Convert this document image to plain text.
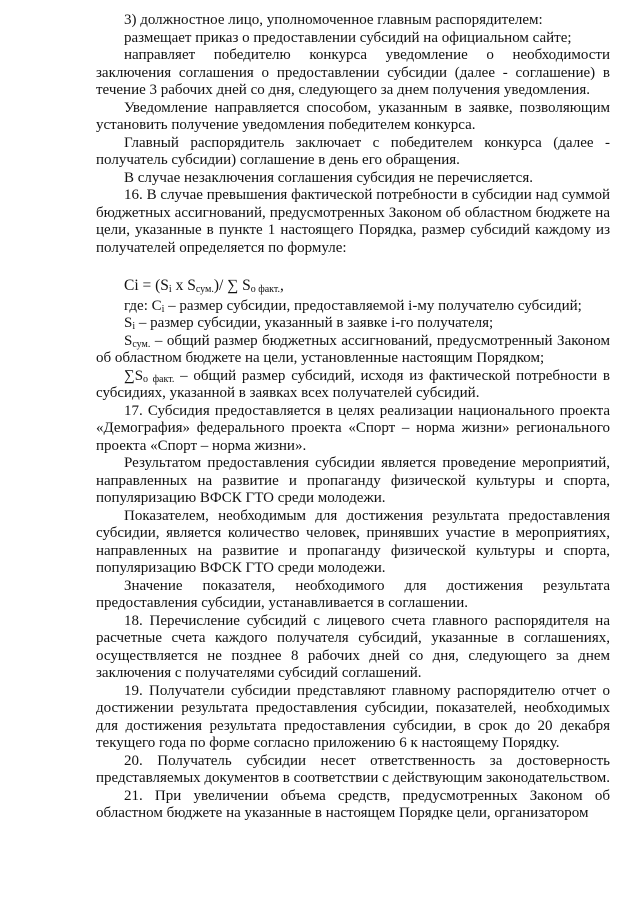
3) должностное лицо, уполномоченное главным распорядителем:

размещает приказ о предоставлении субсидий на официальном сайте;

направляет победителю конкурса уведомление о необходимости заключения соглашения о предоставлении субсидии (далее - соглашение) в течение 3 рабочих дней со дня, следующего за днем получения уведомления.

Уведомление направляется способом, указанным в заявке, позволяющим установить получение уведомления победителем конкурса.

Главный распорядитель заключает с победителем конкурса (далее - получатель субсидии) соглашение в день его обращения.

В случае незаключения соглашения субсидия не перечисляется.

16. В случае превышения фактической потребности в субсидии над суммой бюджетных ассигнований, предусмотренных Законом об областном бюджете на цели, указанные в пункте 1 настоящего Порядка, размер субсидий каждому из получателей определяется по формуле:

$Ci = (S_i$ x $S_{сум.})/$ ∑ $S_{o факт.}$,

где: $C_i$ – размер субсидии, предоставляемой i-му получателю субсидий;

$S_i$ – размер субсидии, указанный в заявке i-го получателя;

$S_{сум.}$ – общий размер бюджетных ассигнований, предусмотренный Законом об областном бюджете на цели, установленные настоящим Порядком;

$\sum S_{o факт.}$ – общий размер субсидий, исходя из фактической потребности в субсидиях, указанной в заявках всех получателей субсидий.

17. Субсидия предоставляется в целях реализации национального проекта «Демография» федерального проекта «Спорт – норма жизни» регионального проекта «Спорт – норма жизни».

Результатом предоставления субсидии является проведение мероприятий, направленных на развитие и пропаганду физической культуры и спорта, популяризацию ВФСК ГТО среди молодежи.

Показателем, необходимым для достижения результата предоставления субсидии, является количество человек, принявших участие в мероприятиях, направленных на развитие и пропаганду физической культуры и спорта, популяризацию ВФСК ГТО среди молодежи.

Значение показателя, необходимого для достижения результата предоставления субсидии, устанавливается в соглашении.

18. Перечисление субсидий с лицевого счета главного распорядителя на расчетные счета каждого получателя субсидий, указанные в соглашениях, осуществляется не позднее 8 рабочих дней со дня, следующего за днем заключения с получателями субсидий соглашений.

19. Получатели субсидии представляют главному распорядителю отчет о достижении результата предоставления субсидии, показателей, необходимых для достижения результата предоставления субсидии, в срок до 20 декабря текущего года по форме согласно приложению 6 к настоящему Порядку.

20. Получатель субсидии несет ответственность за достоверность представляемых документов в соответствии с действующим законодательством.

21. При увеличении объема средств, предусмотренных Законом об областном бюджете на указанные в настоящем Порядке цели, организатором
